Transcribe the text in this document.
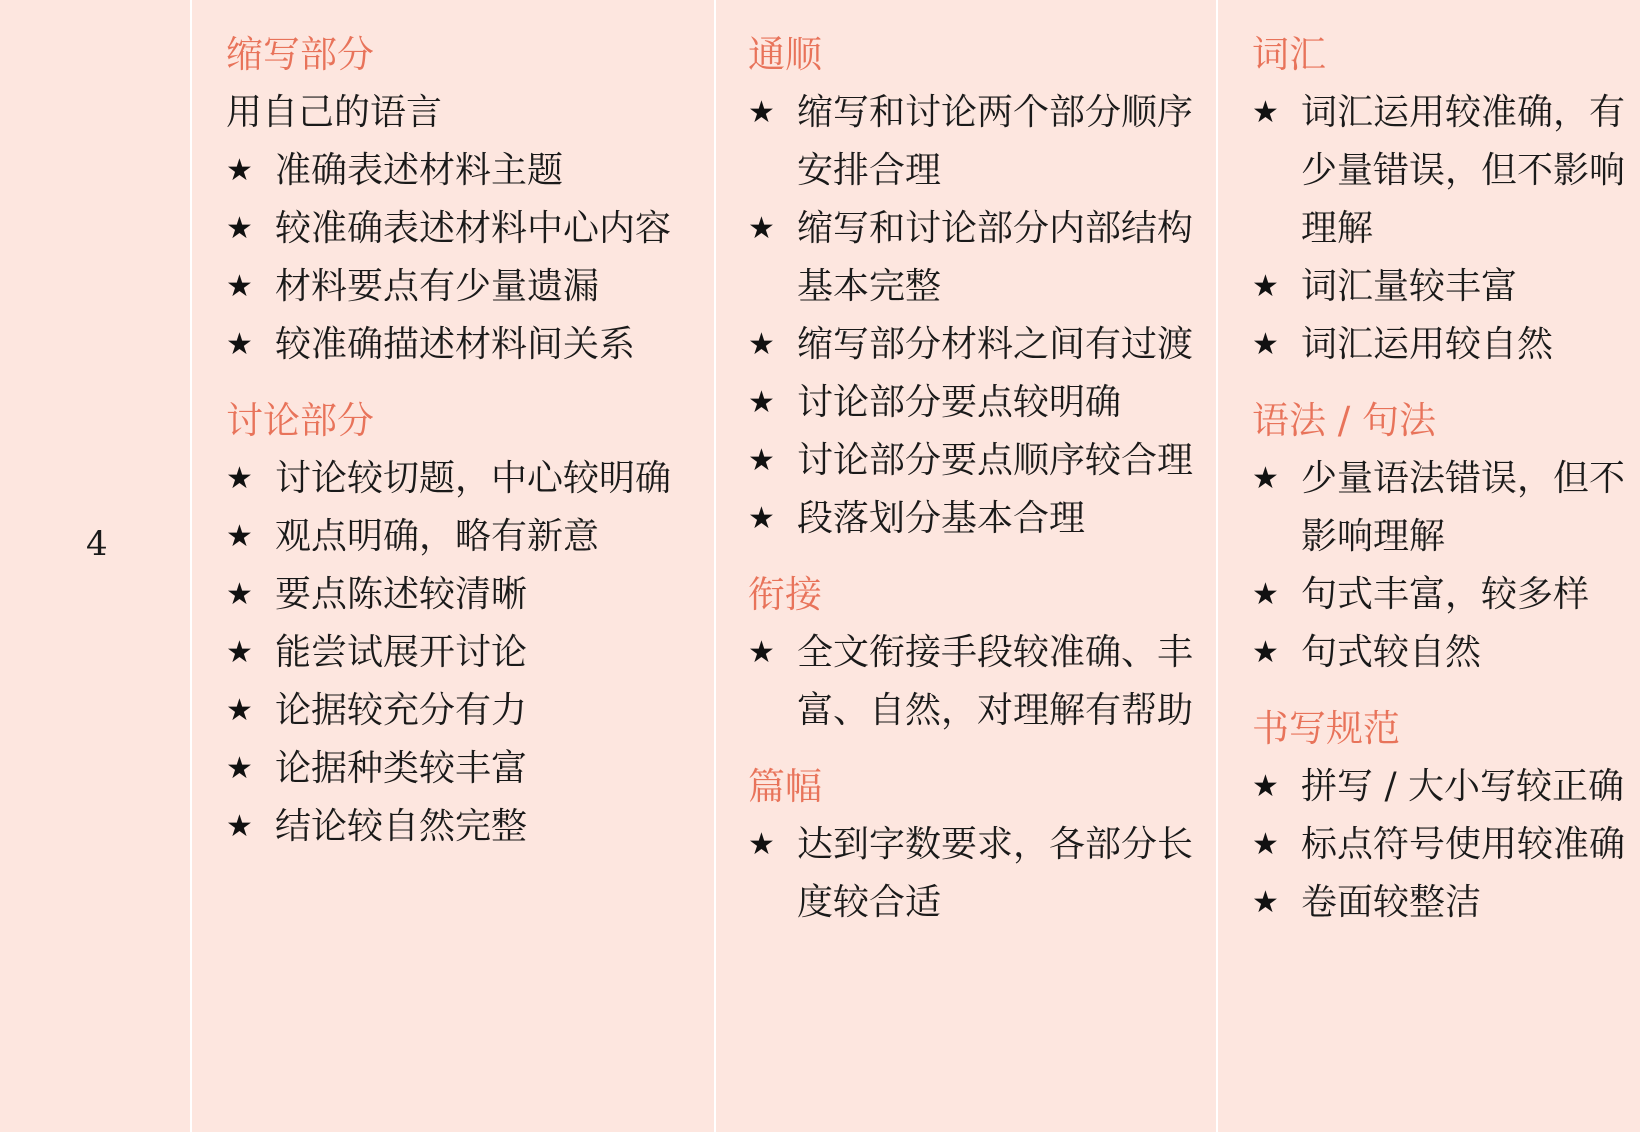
4
缩写部分
用自己的语言
★ 准确表述材料主题
★ 较准确表述材料中心内容
★ 材料要点有少量遗漏
★ 较准确描述材料间关系
讨论部分
★ 讨论较切题，中心较明确
★ 观点明确，略有新意
★ 要点陈述较清晰
★ 能尝试展开讨论
★ 论据较充分有力
★ 论据种类较丰富
★ 结论较自然完整
通顺
★ 缩写和讨论两个部分顺序安排合理
★ 缩写和讨论部分内部结构基本完整
★ 缩写部分材料之间有过渡
★ 讨论部分要点较明确
★ 讨论部分要点顺序较合理
★ 段落划分基本合理
衔接
★ 全文衔接手段较准确、丰富、自然，对理解有帮助
篇幅
★ 达到字数要求，各部分长度较合适
词汇
★ 词汇运用较准确，有少量错误，但不影响理解
★ 词汇量较丰富
★ 词汇运用较自然
语法 / 句法
★ 少量语法错误，但不影响理解
★ 句式丰富，较多样
★ 句式较自然
书写规范
★ 拼写 / 大小写较正确
★ 标点符号使用较准确
★ 卷面较整洁
